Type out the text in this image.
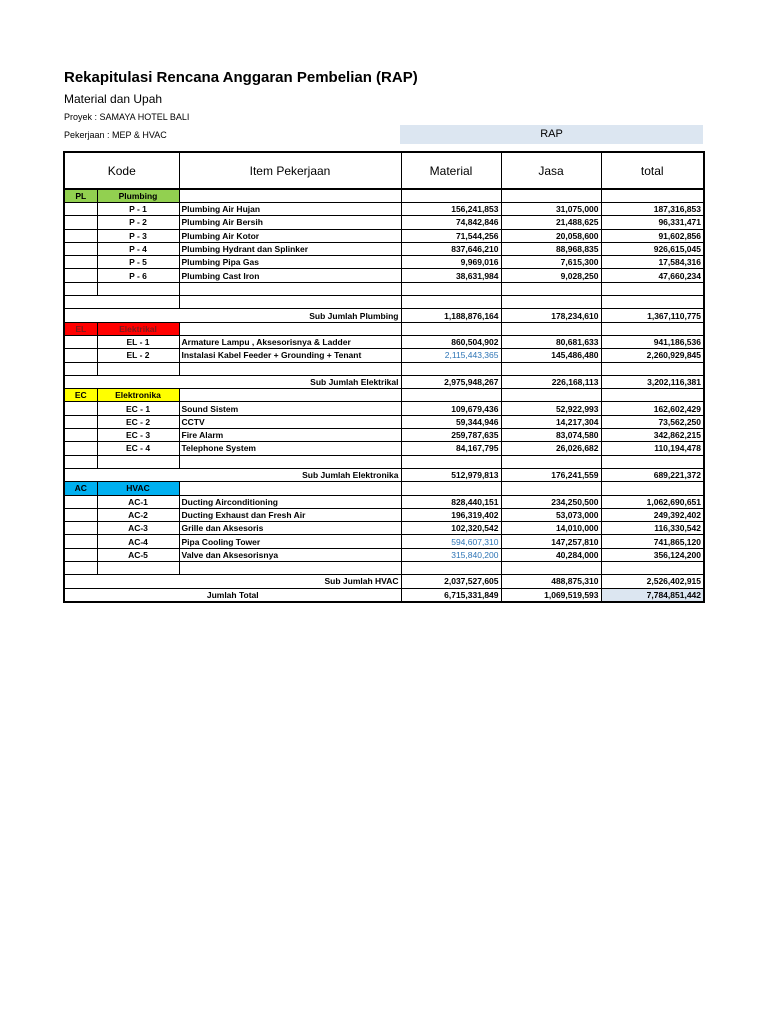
Rekapitulasi Rencana Anggaran Pembelian (RAP)
Material dan Upah
Proyek : SAMAYA HOTEL BALI
Pekerjaan : MEP & HVAC	RAP
Kode		Item Pekerjaan	Material	Jasa	total
PL	Plumbing				
	P - 1	Plumbing Air Hujan	156,241,853	31,075,000	187,316,853
	P - 2	Plumbing Air Bersih	74,842,846	21,488,625	96,331,471
	P - 3	Plumbing Air Kotor	71,544,256	20,058,600	91,602,856
	P - 4	Plumbing Hydrant dan Splinker	837,646,210	88,968,835	926,615,045
	P - 5	Plumbing Pipa Gas	9,969,016	7,615,300	17,584,316
	P - 6	Plumbing Cast Iron	38,631,984	9,028,250	47,660,234

Sub Jumlah Plumbing			1,188,876,164	178,234,610	1,367,110,775
EL	Elektrikal				
	EL - 1	Armature Lampu , Aksesorisnya & Ladder	860,504,902	80,681,633	941,186,536
	EL - 2	Instalasi Kabel Feeder + Grounding + Tenant	2,115,443,365	145,486,480	2,260,929,845

Sub Jumlah Elektrikal			2,975,948,267	226,168,113	3,202,116,381
EC	Elektronika				
	EC - 1	Sound Sistem	109,679,436	52,922,993	162,602,429
	EC - 2	CCTV	59,344,946	14,217,304	73,562,250
	EC - 3	Fire Alarm	259,787,635	83,074,580	342,862,215
	EC - 4	Telephone System	84,167,795	26,026,682	110,194,478

Sub Jumlah Elektronika			512,979,813	176,241,559	689,221,372
AC	HVAC				
	AC-1	Ducting Airconditioning	828,440,151	234,250,500	1,062,690,651
	AC-2	Ducting Exhaust dan Fresh Air	196,319,402	53,073,000	249,392,402
	AC-3	Grille dan Aksesoris	102,320,542	14,010,000	116,330,542
	AC-4	Pipa Cooling Tower	594,607,310	147,257,810	741,865,120
	AC-5	Valve dan Aksesorisnya	315,840,200	40,284,000	356,124,200

Sub Jumlah HVAC			2,037,527,605	488,875,310	2,526,402,915
Jumlah Total			6,715,331,849	1,069,519,593	7,784,851,442
